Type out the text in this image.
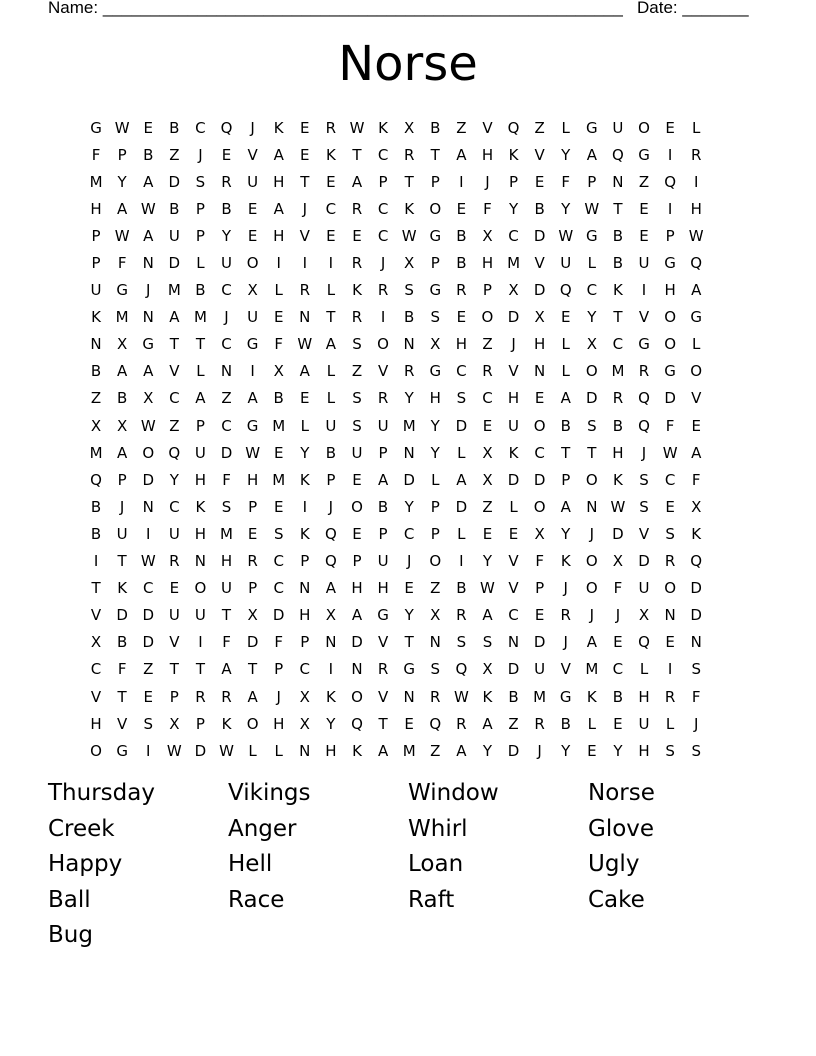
Name: _______________________________________________________ Date: _______
Norse
G W E	B	C Q	J	K	E	R W K	X	B	Z	V	Q	Z	L	G U O	E	L
F	P	B	Z	J	E	V	A	E	K	T	C	R	T	A	H	K	V	Y	A	Q G	I	R
M	Y	A	D	S	R	U H	T	E	A	P	T	P	I	J	P	E	F	P	N	Z	Q	I
H	A W B	P	B	E	A	J	C	R	C	K	O	E	F	Y	B	Y W T	E	I	H
P W A	U	P	Y	E	H	V	E	E	C W G	B	X	C	D W G	B	E	P W
P	F	N D	L	U O	I	I	I	R	J	X	P	B	H M V	U	L	B	U G Q
U G	J	M B	C	X	L	R	L	K	R	S	G	R	P	X	D Q C	K	I	H	A
K M N	A M	J	U	E	N	T	R	I	B	S	E	O D	X	E	Y	T	V	O G
N	X	G	T	T	C	G	F W A	S	O N	X	H	Z	J	H	L	X	C	G O	L
B	A	A	V	L	N	I	X	A	L	Z	V	R	G	C	R	V	N	L	O M R	G O
Z	B	X	C	A	Z	A	B	E	L	S	R	Y	H	S	C	H	E	A	D	R Q D	V
X	X W Z	P	C	G M	L	U	S	U M	Y	D	E	U O	B	S	B	Q	F	E
M A	O Q U D W E	Y	B	U	P	N	Y	L	X	K	C	T	T	H	J	W A
Q	P	D	Y	H	F	H M K	P	E	A	D	L	A	X	D D	P	O	K	S	C	F
B	J	N	C	K	S	P	E	I	J	O	B	Y	P	D	Z	L	O	A	N W S	E	X
B	U	I	U H M E	S	K	Q	E	P	C	P	L	E	E	X	Y	J	D	V	S	K
I	T W R	N H	R	C	P	Q	P	U	J	O	I	Y	V	F	K	O	X	D	R Q
T	K	C	E	O U	P	C	N	A	H H	E	Z	B W V	P	J	O	F	U O D
V	D D U	U	T	X	D H	X	A	G	Y	X	R	A	C	E	R	J	J	X	N D
X	B	D	V	I	F	D	F	P	N D	V	T	N	S	S	N D	J	A	E	Q	E	N
C	F	Z	T	T	A	T	P	C	I	N	R	G	S	Q	X	D U	V M C	L	I	S
V	T	E	P	R	R	A	J	X	K	O	V	N	R W K	B M G	K	B	H	R	F
H	V	S	X	P	K	O H	X	Y	Q	T	E	Q R	A	Z	R	B	L	E	U	L	J
O G	I	W D W L	L	N H	K	A M Z	A	Y	D	J	Y	E	Y	H	S	S
Thursday	Vikings	Window	Norse
Creek	Anger	Whirl	Glove
Happy	Hell	Loan	Ugly
Ball	Race	Raft	Cake
Bug
